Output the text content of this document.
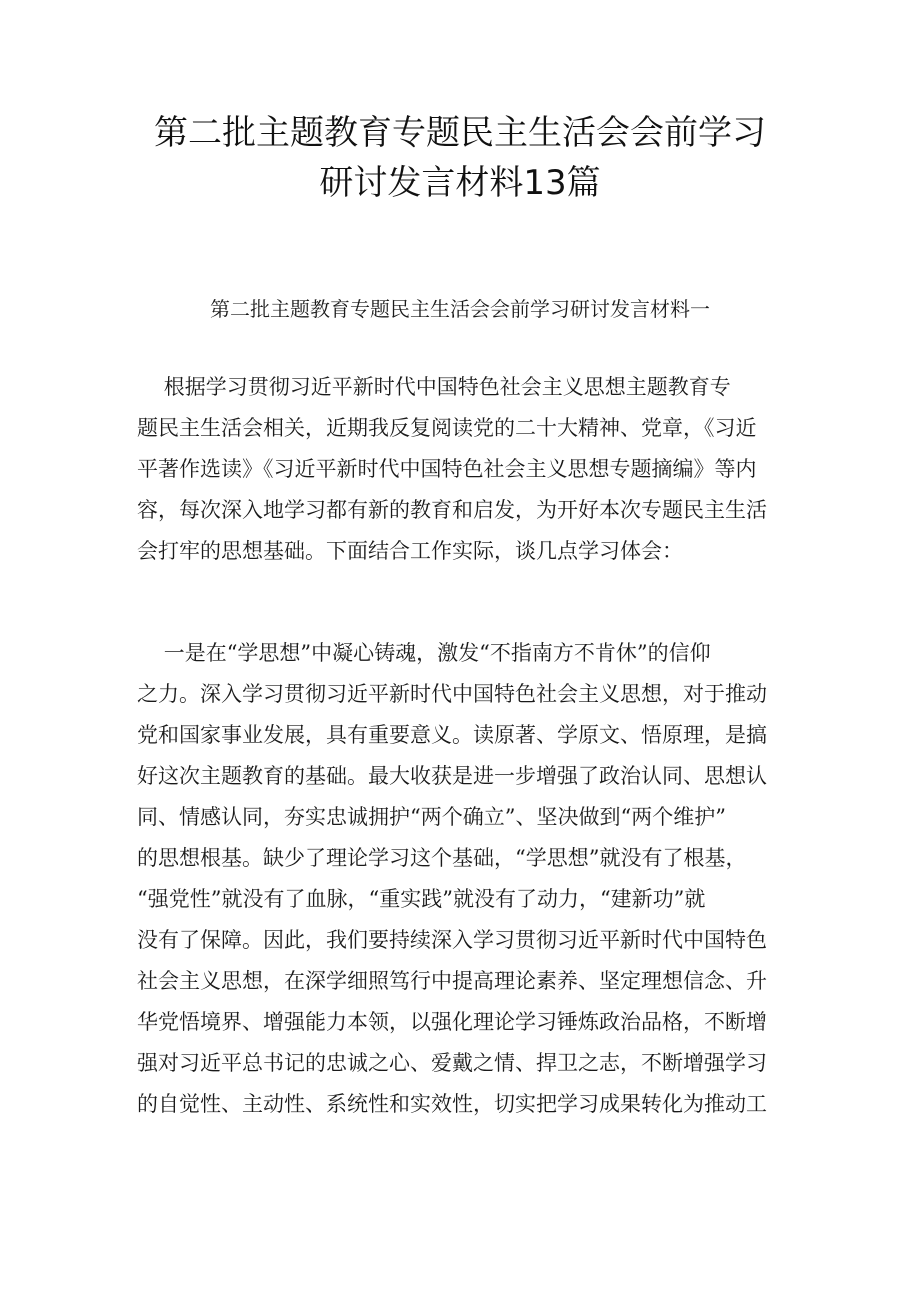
第二批主题教育专题民主生活会会前学习
研讨发言材料13篇
第二批主题教育专题民主生活会会前学习研讨发言材料一
根据学习贯彻习近平新时代中国特色社会主义思想主题教育专
题民主生活会相关，近期我反复阅读党的二十大精神、党章，《习近
平著作选读》《习近平新时代中国特色社会主义思想专题摘编》等内
容，每次深入地学习都有新的教育和启发，为开好本次专题民主生活
会打牢的思想基础。下面结合工作实际，谈几点学习体会：
一是在“学思想”中凝心铸魂，激发“不指南方不肯休”的信仰
之力。深入学习贯彻习近平新时代中国特色社会主义思想，对于推动
党和国家事业发展，具有重要意义。读原著、学原文、悟原理，是搞
好这次主题教育的基础。最大收获是进一步增强了政治认同、思想认
同、情感认同，夯实忠诚拥护“两个确立”、坚决做到“两个维护”
的思想根基。缺少了理论学习这个基础，“学思想”就没有了根基，
“强党性”就没有了血脉，“重实践”就没有了动力，“建新功”就
没有了保障。因此，我们要持续深入学习贯彻习近平新时代中国特色
社会主义思想，在深学细照笃行中提高理论素养、坚定理想信念、升
华党悟境界、增强能力本领，以强化理论学习锤炼政治品格，不断增
强对习近平总书记的忠诚之心、爱戴之情、捍卫之志，不断增强学习
的自觉性、主动性、系统性和实效性，切实把学习成果转化为推动工
